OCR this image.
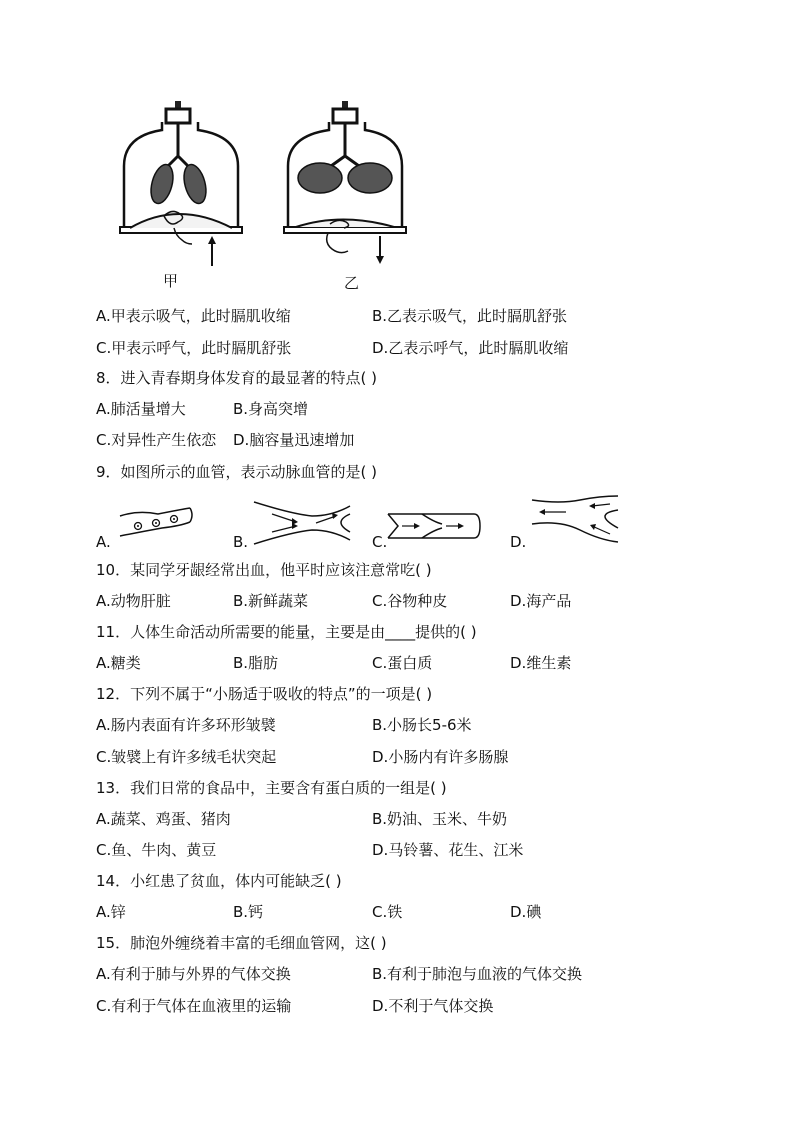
甲	乙
A.甲表示吸气，此时膈肌收缩	B.乙表示吸气，此时膈肌舒张
C.甲表示呼气，此时膈肌舒张	D.乙表示呼气，此时膈肌收缩
8．进入青春期身体发育的最显著的特点( )
A.肺活量增大	B.身高突增
C.对异性产生依恋 D.脑容量迅速增加
9．如图所示的血管，表示动脉血管的是( )
A.	B.	C.	D.
10．某同学牙龈经常出血，他平时应该注意常吃( )
A.动物肝脏	B.新鲜蔬菜	C.谷物种皮	D.海产品
11．人体生命活动所需要的能量，主要是由____提供的( )
A.糖类	B.脂肪	C.蛋白质	D.维生素
12．下列不属于“小肠适于吸收的特点”的一项是( )
A.肠内表面有许多环形皱襞	B.小肠长5-6米
C.皱襞上有许多绒毛状突起	D.小肠内有许多肠腺
13．我们日常的食品中，主要含有蛋白质的一组是( )
A.蔬菜、鸡蛋、猪肉	B.奶油、玉米、牛奶
C.鱼、牛肉、黄豆	D.马铃薯、花生、江米
14．小红患了贫血，体内可能缺乏( )
A.锌	B.钙	C.铁	D.碘
15．肺泡外缠绕着丰富的毛细血管网，这( )
A.有利于肺与外界的气体交换	B.有利于肺泡与血液的气体交换
C.有利于气体在血液里的运输	D.不利于气体交换
